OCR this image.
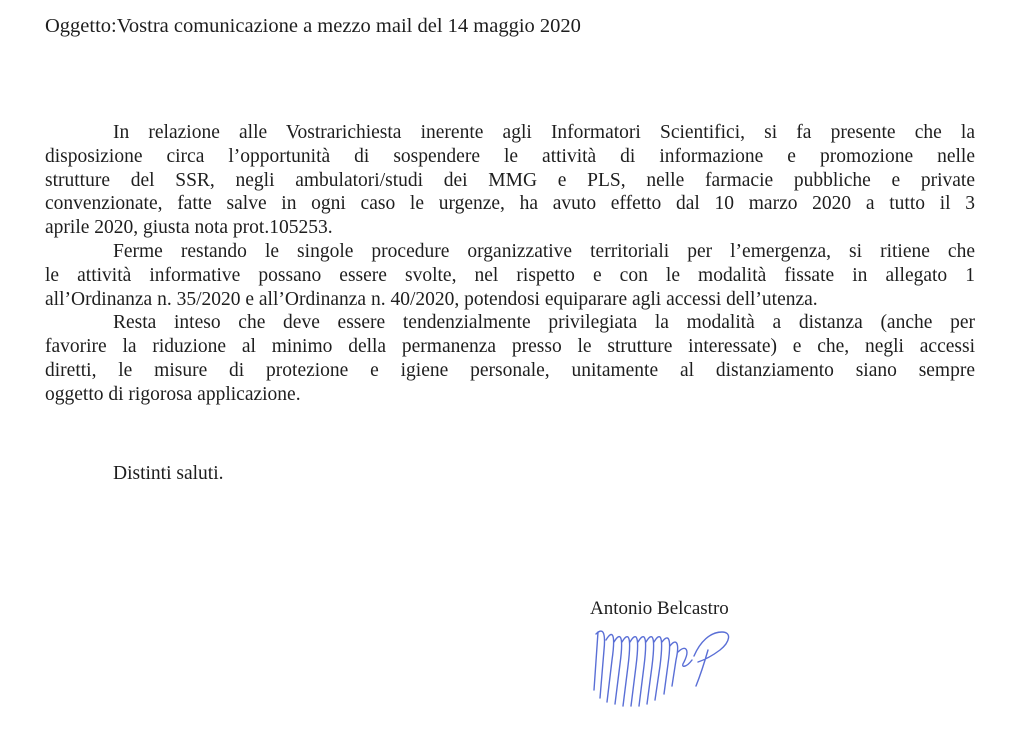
Oggetto:Vostra comunicazione a mezzo mail del 14 maggio 2020

In relazione alle Vostrarichiesta inerente agli Informatori Scientifici, si fa presente che la
disposizione circa l’opportunità di sospendere le attività di informazione e promozione nelle
strutture del SSR, negli ambulatori/studi dei MMG e PLS, nelle farmacie pubbliche e private
convenzionate, fatte salve in ogni caso le urgenze, ha avuto effetto dal 10 marzo 2020 a tutto il 3
aprile 2020, giusta nota prot.105253.

Ferme restando le singole procedure organizzative territoriali per l’emergenza, si ritiene che
le attività informative possano essere svolte, nel rispetto e con le modalità fissate in allegato 1
all’Ordinanza n. 35/2020 e all’Ordinanza n. 40/2020, potendosi equiparare agli accessi dell’utenza.

Resta inteso che deve essere tendenzialmente privilegiata la modalità a distanza (anche per
favorire la riduzione al minimo della permanenza presso le strutture interessate) e che, negli accessi
diretti, le misure di protezione e igiene personale, unitamente al distanziamento siano sempre
oggetto di rigorosa applicazione.

Distinti saluti.
Antonio Belcastro
